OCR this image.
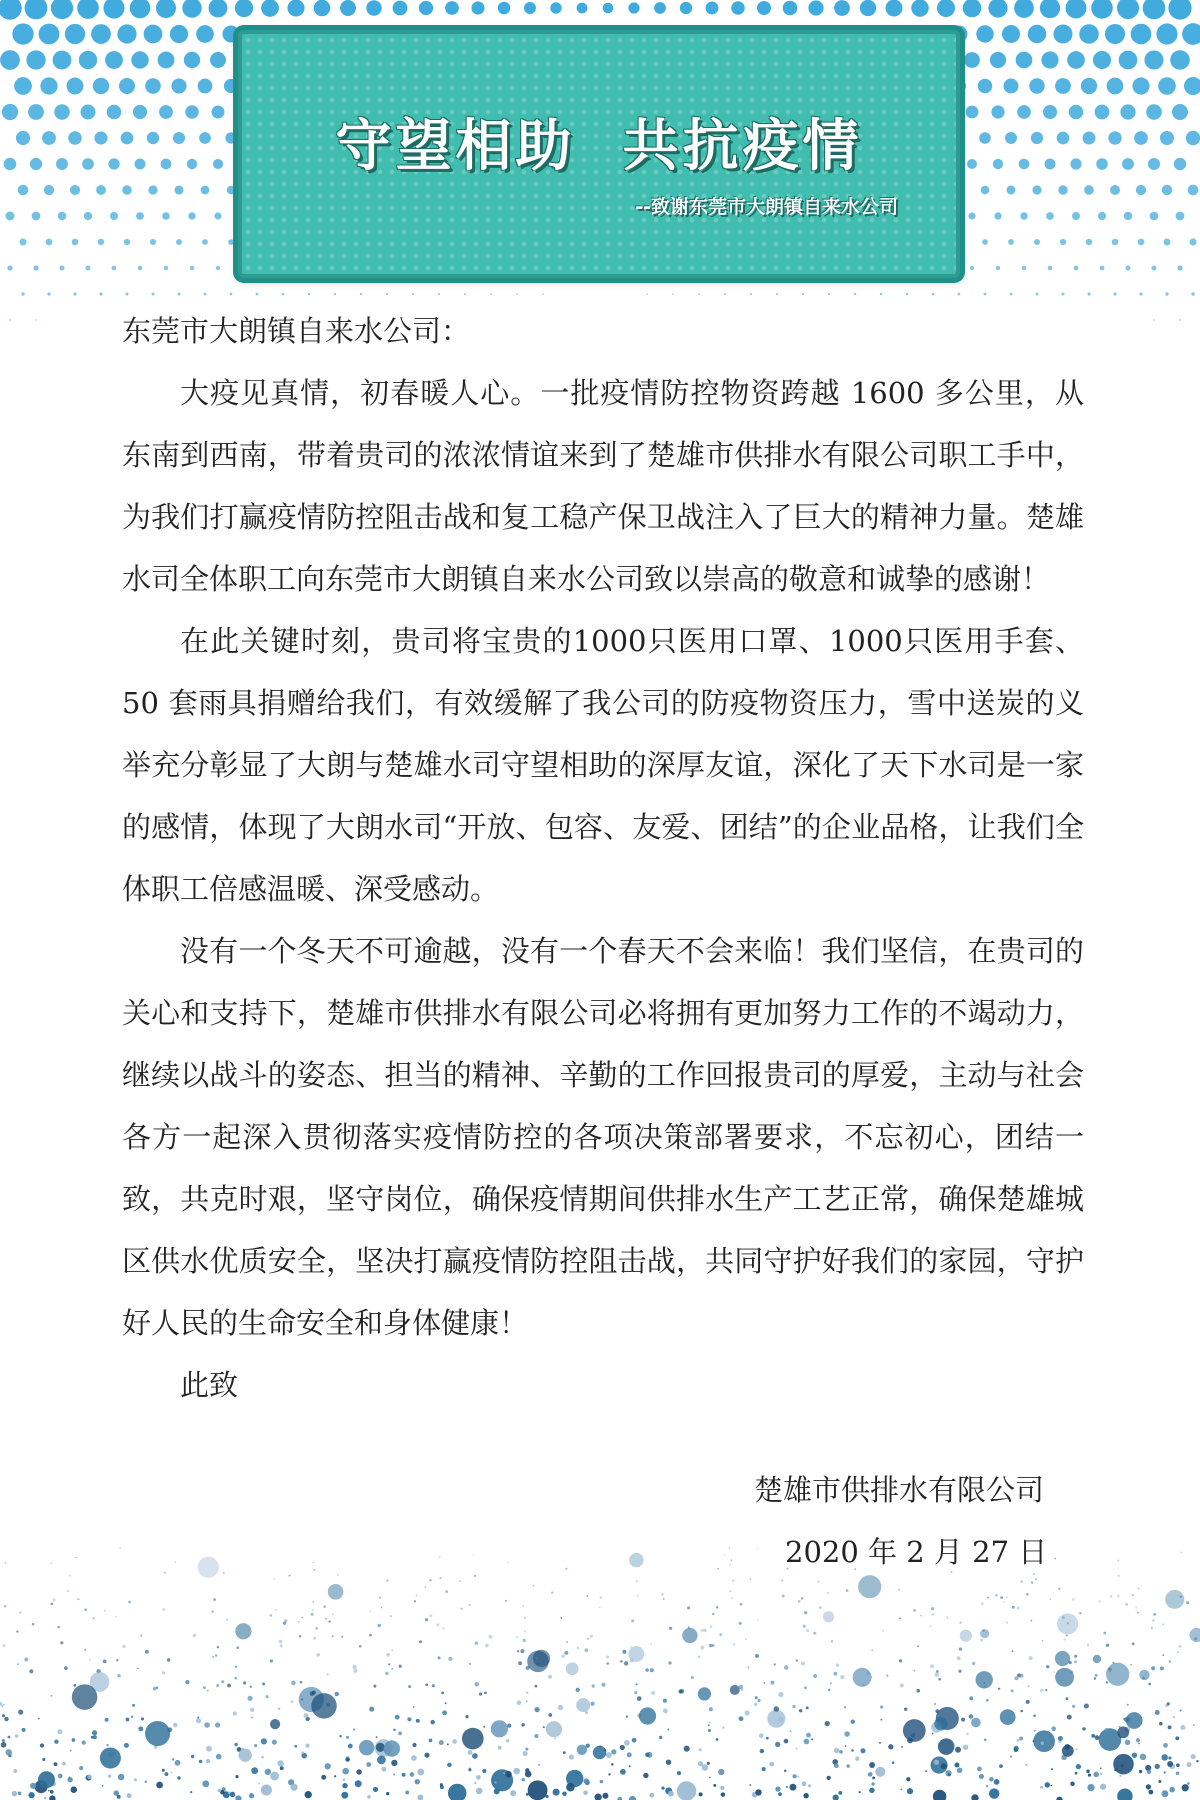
守望相助  共抗疫情
--致谢东莞市大朗镇自来水公司

东莞市大朗镇自来水公司：

大疫见真情，初春暖人心。一批疫情防控物资跨越 1600 多公里，从东南到西南，带着贵司的浓浓情谊来到了楚雄市供排水有限公司职工手中，为我们打赢疫情防控阻击战和复工稳产保卫战注入了巨大的精神力量。楚雄水司全体职工向东莞市大朗镇自来水公司致以崇高的敬意和诚挚的感谢！

在此关键时刻，贵司将宝贵的1000只医用口罩、1000只医用手套、50 套雨具捐赠给我们，有效缓解了我公司的防疫物资压力，雪中送炭的义举充分彰显了大朗与楚雄水司守望相助的深厚友谊，深化了天下水司是一家的感情，体现了大朗水司“开放、包容、友爱、团结”的企业品格，让我们全体职工倍感温暖、深受感动。

没有一个冬天不可逾越，没有一个春天不会来临！我们坚信，在贵司的关心和支持下，楚雄市供排水有限公司必将拥有更加努力工作的不竭动力，继续以战斗的姿态、担当的精神、辛勤的工作回报贵司的厚爱，主动与社会各方一起深入贯彻落实疫情防控的各项决策部署要求，不忘初心，团结一致，共克时艰，坚守岗位，确保疫情期间供排水生产工艺正常，确保楚雄城区供水优质安全，坚决打赢疫情防控阻击战，共同守护好我们的家园，守护好人民的生命安全和身体健康！

此致

楚雄市供排水有限公司
2020 年 2 月 27 日
